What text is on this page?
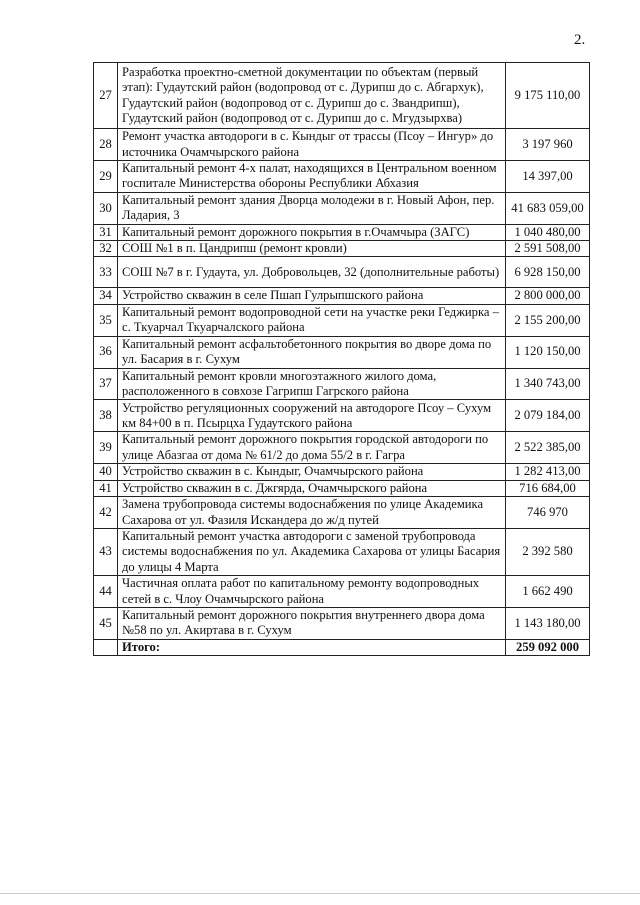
2.
27	Разработка проектно-сметной документации по объектам (первый этап): Гудаутский район (водопровод от с. Дурипш до с. Абгархук), Гудаутский район (водопровод от с. Дурипш до с. Звандрипш), Гудаутский район (водопровод от с. Дурипш до с. Мгудзырхва)	9 175 110,00
28	Ремонт участка автодороги в с. Кындыг от трассы (Псоу – Ингур» до источника Очамчырского района	3 197 960
29	Капитальный ремонт 4-х палат, находящихся в Центральном военном госпитале Министерства обороны Республики Абхазия	14 397,00
30	Капитальный ремонт здания Дворца молодежи в г. Новый Афон, пер. Ладария, 3	41 683 059,00
31	Капитальный ремонт дорожного покрытия в г.Очамчыра (ЗАГС)	1 040 480,00
32	СОШ №1 в п. Цандрипш (ремонт кровли)	2 591 508,00
33	СОШ №7 в г. Гудаута, ул. Добровольцев, 32 (дополнительные работы)	6 928 150,00
34	Устройство скважин в селе Пшап Гулрыпшского района	2 800 000,00
35	Капитальный ремонт водопроводной сети на участке реки Геджирка – с. Ткуарчал Ткуарчалского района	2 155 200,00
36	Капитальный ремонт асфальтобетонного покрытия во дворе дома по ул. Басария в г. Сухум	1 120 150,00
37	Капитальный ремонт кровли многоэтажного жилого дома, расположенного в совхозе Гагрипш Гагрского района	1 340 743,00
38	Устройство регуляционных сооружений на автодороге Псоу – Сухум км 84+00 в п. Псырцха Гудаутского района	2 079 184,00
39	Капитальный ремонт дорожного покрытия городской автодороги по улице Абазгаа от дома № 61/2 до дома 55/2 в г. Гагра	2 522 385,00
40	Устройство скважин в с. Кындыг, Очамчырского района	1 282 413,00
41	Устройство скважин в с. Джгярда, Очамчырского района	716 684,00
42	Замена трубопровода системы водоснабжения по улице Академика Сахарова от ул. Фазиля Искандера до ж/д путей	746 970
43	Капитальный ремонт участка автодороги с заменой трубопровода системы водоснабжения по ул. Академика Сахарова от улицы Басария до улицы 4 Марта	2 392 580
44	Частичная оплата работ по капитальному ремонту водопроводных сетей в с. Члоу Очамчырского района	1 662 490
45	Капитальный ремонт дорожного покрытия внутреннего двора дома №58 по ул. Акиртава в г. Сухум	1 143 180,00
	Итого:	259 092 000
